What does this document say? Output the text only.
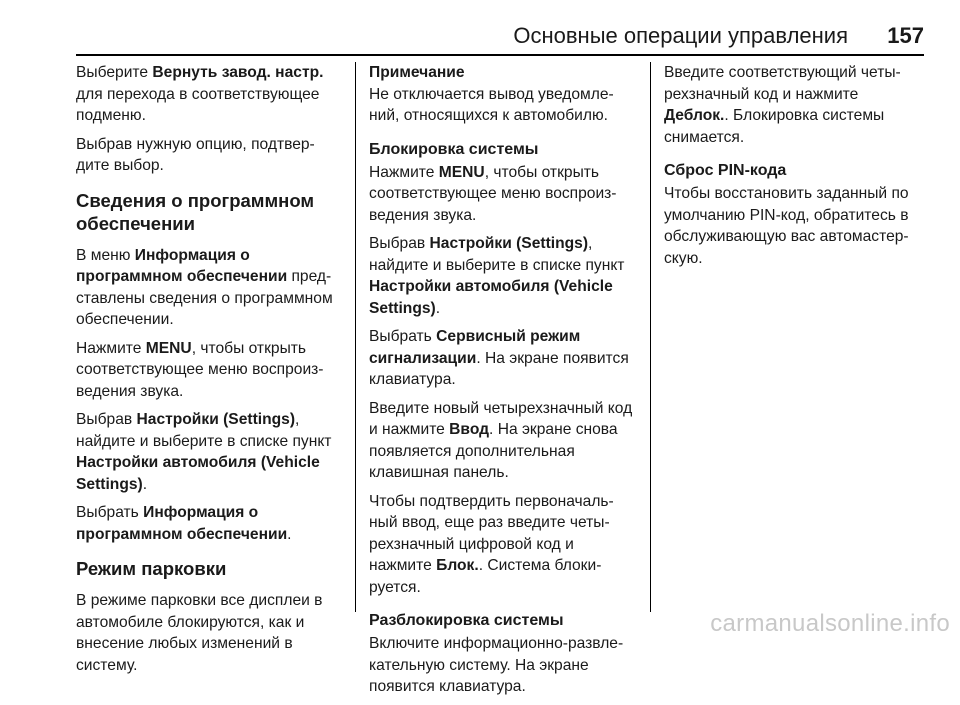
Основные операции управления 157

Выберите Вернуть завод. настр. для перехода в соответствующее подменю.

Выбрав нужную опцию, подтвер-дите выбор.

Сведения о программном обеспечении

В меню Информация о программном обеспечении пред-ставлены сведения о программном обеспечении.

Нажмите MENU, чтобы открыть соответствующее меню воспроиз-ведения звука.

Выбрав Настройки (Settings), найдите и выберите в списке пункт Настройки автомобиля (Vehicle Settings).

Выбрать Информация о программном обеспечении.

Режим парковки

В режиме парковки все дисплеи в автомобиле блокируются, как и внесение любых изменений в систему.

Примечание
Не отключается вывод уведомле-ний, относящихся к автомобилю.
Блокировка системы

Нажмите MENU, чтобы открыть соответствующее меню воспроиз-ведения звука.

Выбрав Настройки (Settings), найдите и выберите в списке пункт Настройки автомобиля (Vehicle Settings).

Выбрать Сервисный режим сигнализации. На экране появится клавиатура.

Введите новый четырехзначный код и нажмите Ввод. На экране снова появляется дополнительная клавишная панель.

Чтобы подтвердить первоначаль-ный ввод, еще раз введите четы-рехзначный цифровой код и нажмите Блок.. Система блоки-руется.

Разблокировка системы

Включите информационно-развле-кательную систему. На экране появится клавиатура.

Введите соответствующий четы-рехзначный код и нажмите Деблок.. Блокировка системы снимается.

Сброс PIN-кода

Чтобы восстановить заданный по умолчанию PIN-код, обратитесь в обслуживающую вас автомастер-скую.

carmanualsonline.info
